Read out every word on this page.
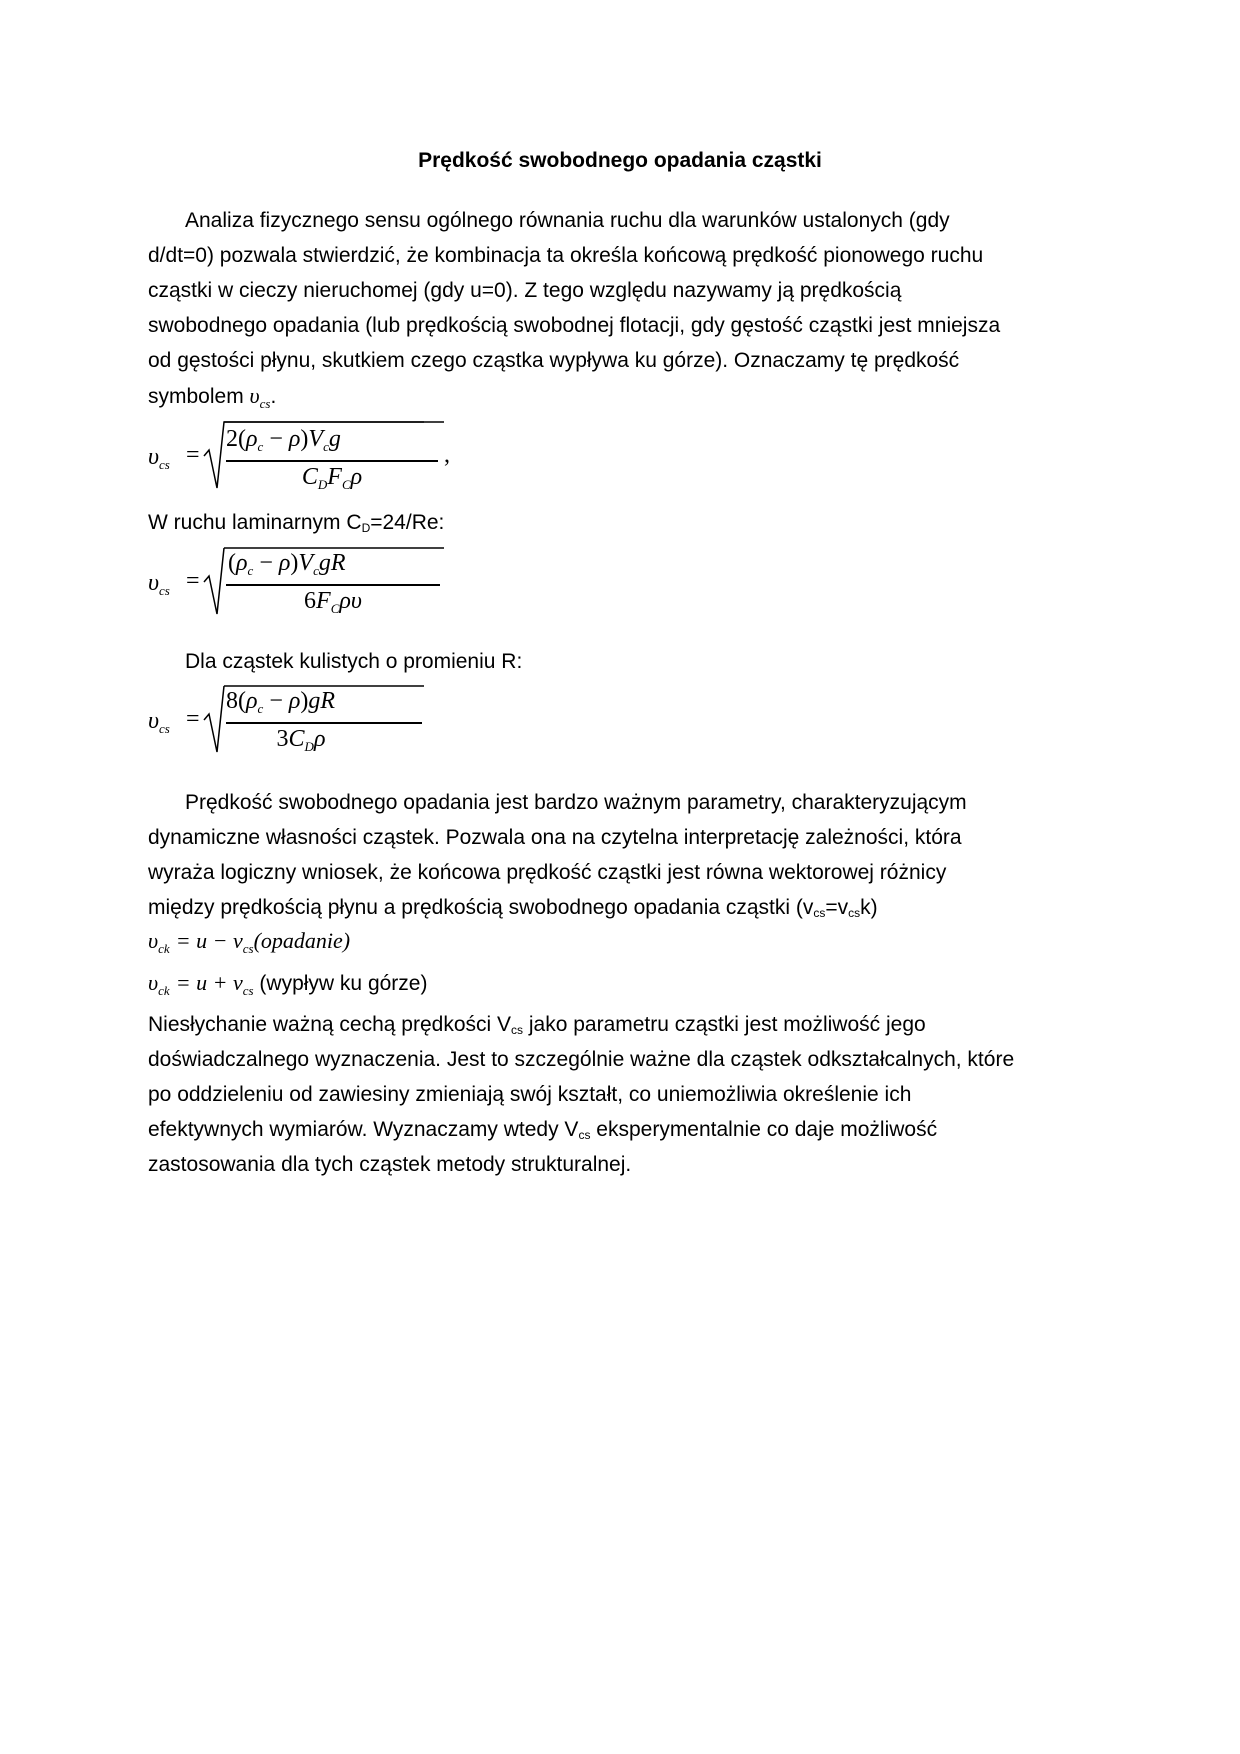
Prędkość swobodnego opadania cząstki
Analiza fizycznego sensu ogólnego równania ruchu dla warunków ustalonych (gdy
d/dt=0) pozwala stwierdzić, że kombinacja ta określa końcową prędkość pionowego ruchu
cząstki w cieczy nieruchomej (gdy u=0). Z tego względu nazywamy ją prędkością
swobodnego opadania (lub prędkością swobodnej flotacji, gdy gęstość cząstki jest mniejsza
od gęstości płynu, skutkiem czego cząstka wypływa ku górze). Oznaczamy tę prędkość
symbolem $\upsilon_{cs}$.
$\upsilon_{cs}$ =
$2(\rho_c - \rho)V_cg$
$C_DF_C\rho$
,
W ruchu laminarnym $C_D=24/Re$:
$\upsilon_{cs}$ =
$(\rho_c - \rho)V_cgR$
$6F_C\rho\upsilon$
Dla cząstek kulistych o promieniu R:
$\upsilon_{cs}$ =
$8(\rho_c - \rho)gR$
$3C_D\rho$
Prędkość swobodnego opadania jest bardzo ważnym parametry, charakteryzującym
dynamiczne własności cząstek. Pozwala ona na czytelna interpretację zależności, która
wyraża logiczny wniosek, że końcowa prędkość cząstki jest równa wektorowej różnicy
między prędkością płynu a prędkością swobodnego opadania cząstki $(v_{cs}=v_{cs}k)$
$\upsilon_{ck} = u$ − $v_{cs}(opadanie)$
$\upsilon_{ck} = u + v_{cs}$ (wypływ ku górze)
Niesłychanie ważną cechą prędkości $V_{cs}$ jako parametru cząstki jest możliwość jego
doświadczalnego wyznaczenia. Jest to szczególnie ważne dla cząstek odkształcalnych, które
po oddzieleniu od zawiesiny zmieniają swój kształt, co uniemożliwia określenie ich
efektywnych wymiarów. Wyznaczamy wtedy $V_{cs}$ eksperymentalnie co daje możliwość
zastosowania dla tych cząstek metody strukturalnej.
